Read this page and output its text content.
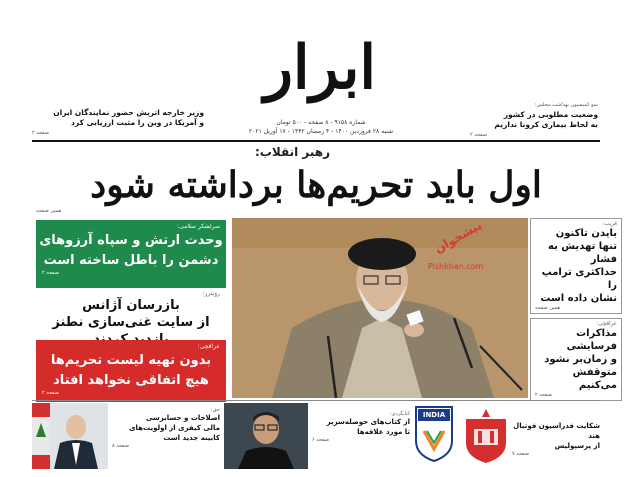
وزیر خارجه اتریش حضور نمایندگان ایران
و آمریکا در وین را مثبت ارزیابی کرد
صفحه ۲
ابرار
شماره ۹۱۵۸ - ۸ صفحه - ۵۰۰ تومان
شنبه ۲۸ فروردین ۱۴۰۰ - ۴ رمضان ۱۴۴۲ - ۱۷ آوریل ۲۰۲۱
نمو کمیسیون بهداشت مجلس:
وضعیت مطلوبی در کشور
به لحاظ بیماری کرونا نداریم
صفحه ۲
رهبر انقلاب:
اول باید تحریم‌ها برداشته شود
همین صفحه
سرلشکر سلامی:
وحدت ارتش و سپاه آرزوهای
دشمن را باطل ساخته است
صفحه ۲
رویترز:
بازرسان آژانس
از سایت غنی‌سازی نطنز
عراقچی:
بدون تهیه لیست تحریم‌ها
هیچ اتفاقی نخواهد افتاد
صفحه ۲
پیشخوان
Pishkhan.com
قریب:
بایدن تاکنون
تنها تهدیش به فشار
حداکثری ترامپ را
نشان داده است
همین صفحه
عراقچی:
مذاکرات فرسایشی
و زمان‌بر نشود
متوقفش می‌کنیم
صفحه ۲
حق:
اصلاحات و حسابرسی
مالی کیفری از اولویت‌های
کابینه جدید است
صفحه ۸
کتابگردی:
از کتاب‌های حوصله‌سربر
تا مورد علاقه‌ها
صفحه ۶
INDIA
شکایت فدراسیون فوتبال هند
از پرسپولیس
صفحه ۷
